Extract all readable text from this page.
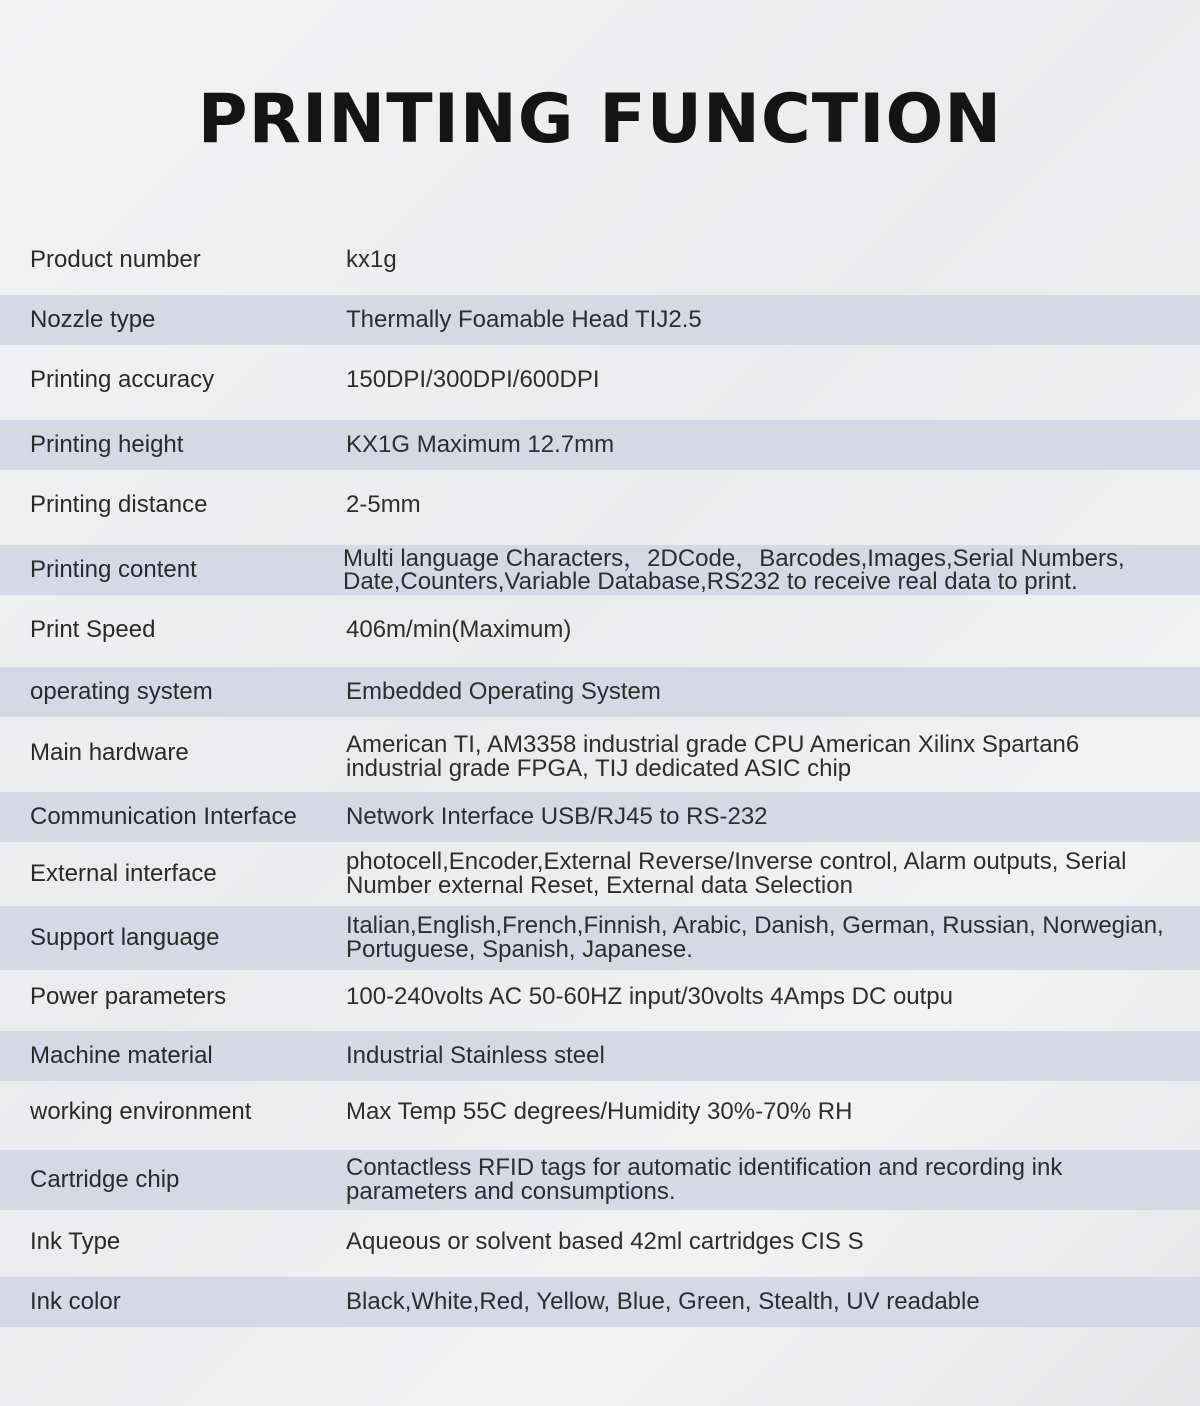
PRINTING FUNCTION
Product number	kx1g
Nozzle type	Thermally Foamable Head TIJ2.5
Printing accuracy	150DPI/300DPI/600DPI
Printing height	KX1G Maximum 12.7mm
Printing distance	2-5mm
Printing content	Multi language Characters，2DCode，Barcodes,Images,Serial Numbers, Date,Counters,Variable Database,RS232 to receive real data to print.
Print Speed	406m/min(Maximum)
operating system	Embedded Operating System
Main hardware	American TI, AM3358 industrial grade CPU American Xilinx Spartan6 industrial grade FPGA, TIJ dedicated ASIC chip
Communication Interface	Network Interface USB/RJ45 to RS-232
External interface	photocell,Encoder,External Reverse/Inverse control, Alarm outputs, Serial Number external Reset, External data Selection
Support language	Italian,English,French,Finnish, Arabic, Danish, German, Russian, Norwegian, Portuguese, Spanish, Japanese.
Power parameters	100-240volts AC 50-60HZ input/30volts 4Amps DC outpu
Machine material	Industrial Stainless steel
working environment	Max Temp 55C degrees/Humidity 30%-70% RH
Cartridge chip	Contactless RFID tags for automatic identification and recording ink parameters and consumptions.
Ink Type	Aqueous or solvent based 42ml cartridges CIS S
Ink color	Black,White,Red, Yellow, Blue, Green, Stealth, UV readable
